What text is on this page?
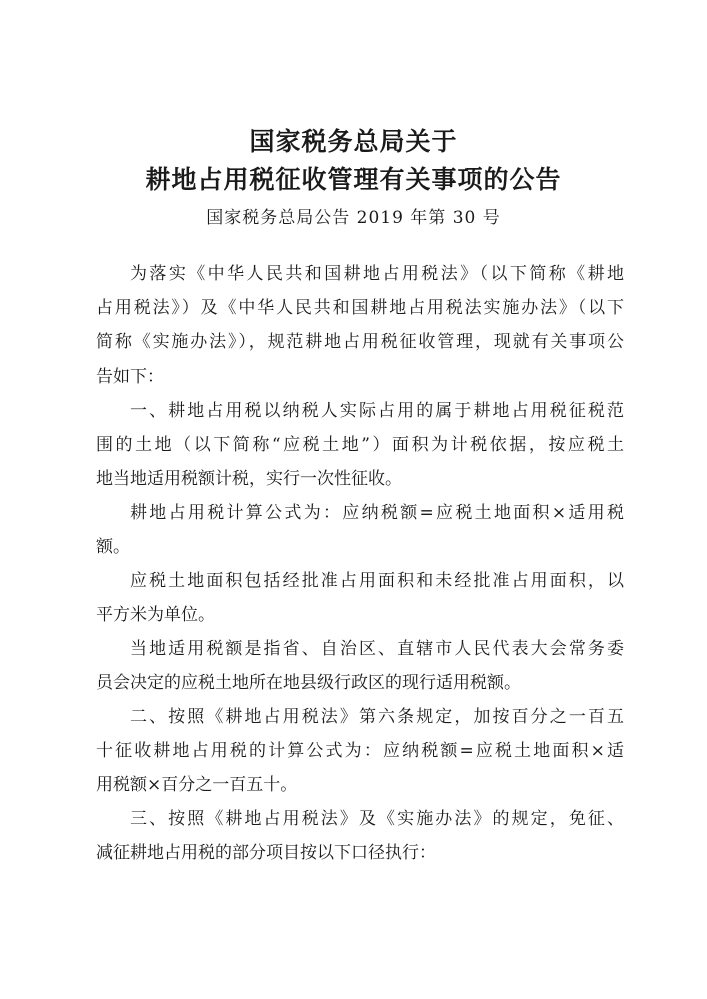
国家税务总局关于
耕地占用税征收管理有关事项的公告

国家税务总局公告 2019 年第 30 号

为落实《中华人民共和国耕地占用税法》（以下简称《耕地

占用税法》）及《中华人民共和国耕地占用税法实施办法》（以下

简称《实施办法》），规范耕地占用税征收管理，现就有关事项公

告如下：

一、耕地占用税以纳税人实际占用的属于耕地占用税征税范

围的土地（以下简称“应税土地”）面积为计税依据，按应税土

地当地适用税额计税，实行一次性征收。

耕地占用税计算公式为：应纳税额=应税土地面积×适用税

额。

应税土地面积包括经批准占用面积和未经批准占用面积，以

平方米为单位。

当地适用税额是指省、自治区、直辖市人民代表大会常务委

员会决定的应税土地所在地县级行政区的现行适用税额。

二、按照《耕地占用税法》第六条规定，加按百分之一百五

十征收耕地占用税的计算公式为：应纳税额=应税土地面积×适

用税额×百分之一百五十。

三、按照《耕地占用税法》及《实施办法》的规定，免征、

减征耕地占用税的部分项目按以下口径执行：
